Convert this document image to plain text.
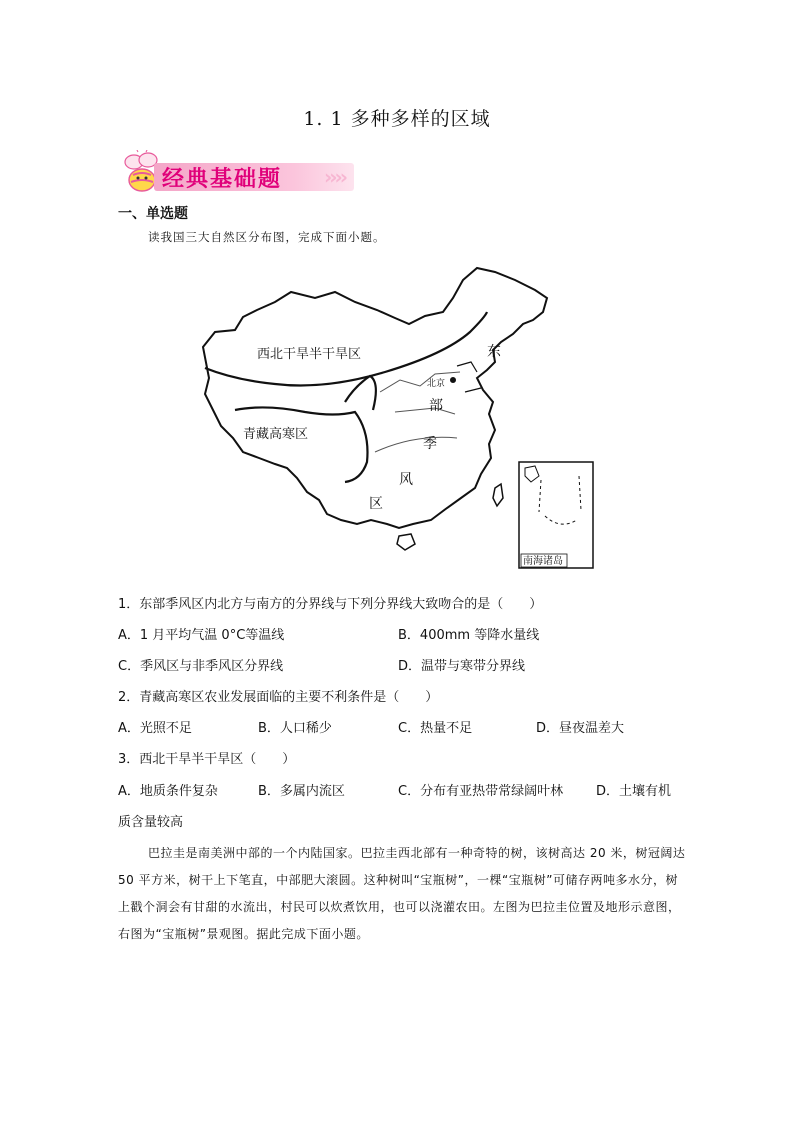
1. 1 多种多样的区域
经典基础题 ››››
一、单选题
读我国三大自然区分布图，完成下面小题。
西北干旱半干旱区
青藏高寒区
北京
东
部
季
风
区
南海诸岛
1．东部季风区内北方与南方的分界线与下列分界线大致吻合的是（　　）
A．1 月平均气温 0°C等温线	B．400mm 等降水量线
C．季风区与非季风区分界线	D．温带与寒带分界线
2．青藏高寒区农业发展面临的主要不利条件是（　　）
A．光照不足	B．人口稀少	C．热量不足	D．昼夜温差大
3．西北干旱半干旱区（　　）
A．地质条件复杂	B．多属内流区	C．分布有亚热带常绿阔叶林	D．土壤有机
质含量较高
巴拉圭是南美洲中部的一个内陆国家。巴拉圭西北部有一种奇特的树，该树高达 20 米，树冠阔达 50 平方米，树干上下笔直，中部肥大滚圆。这种树叫“宝瓶树”，一棵“宝瓶树”可储存两吨多水分，树上戳个洞会有甘甜的水流出，村民可以炊煮饮用，也可以浇灌农田。左图为巴拉圭位置及地形示意图，右图为“宝瓶树”景观图。据此完成下面小题。
